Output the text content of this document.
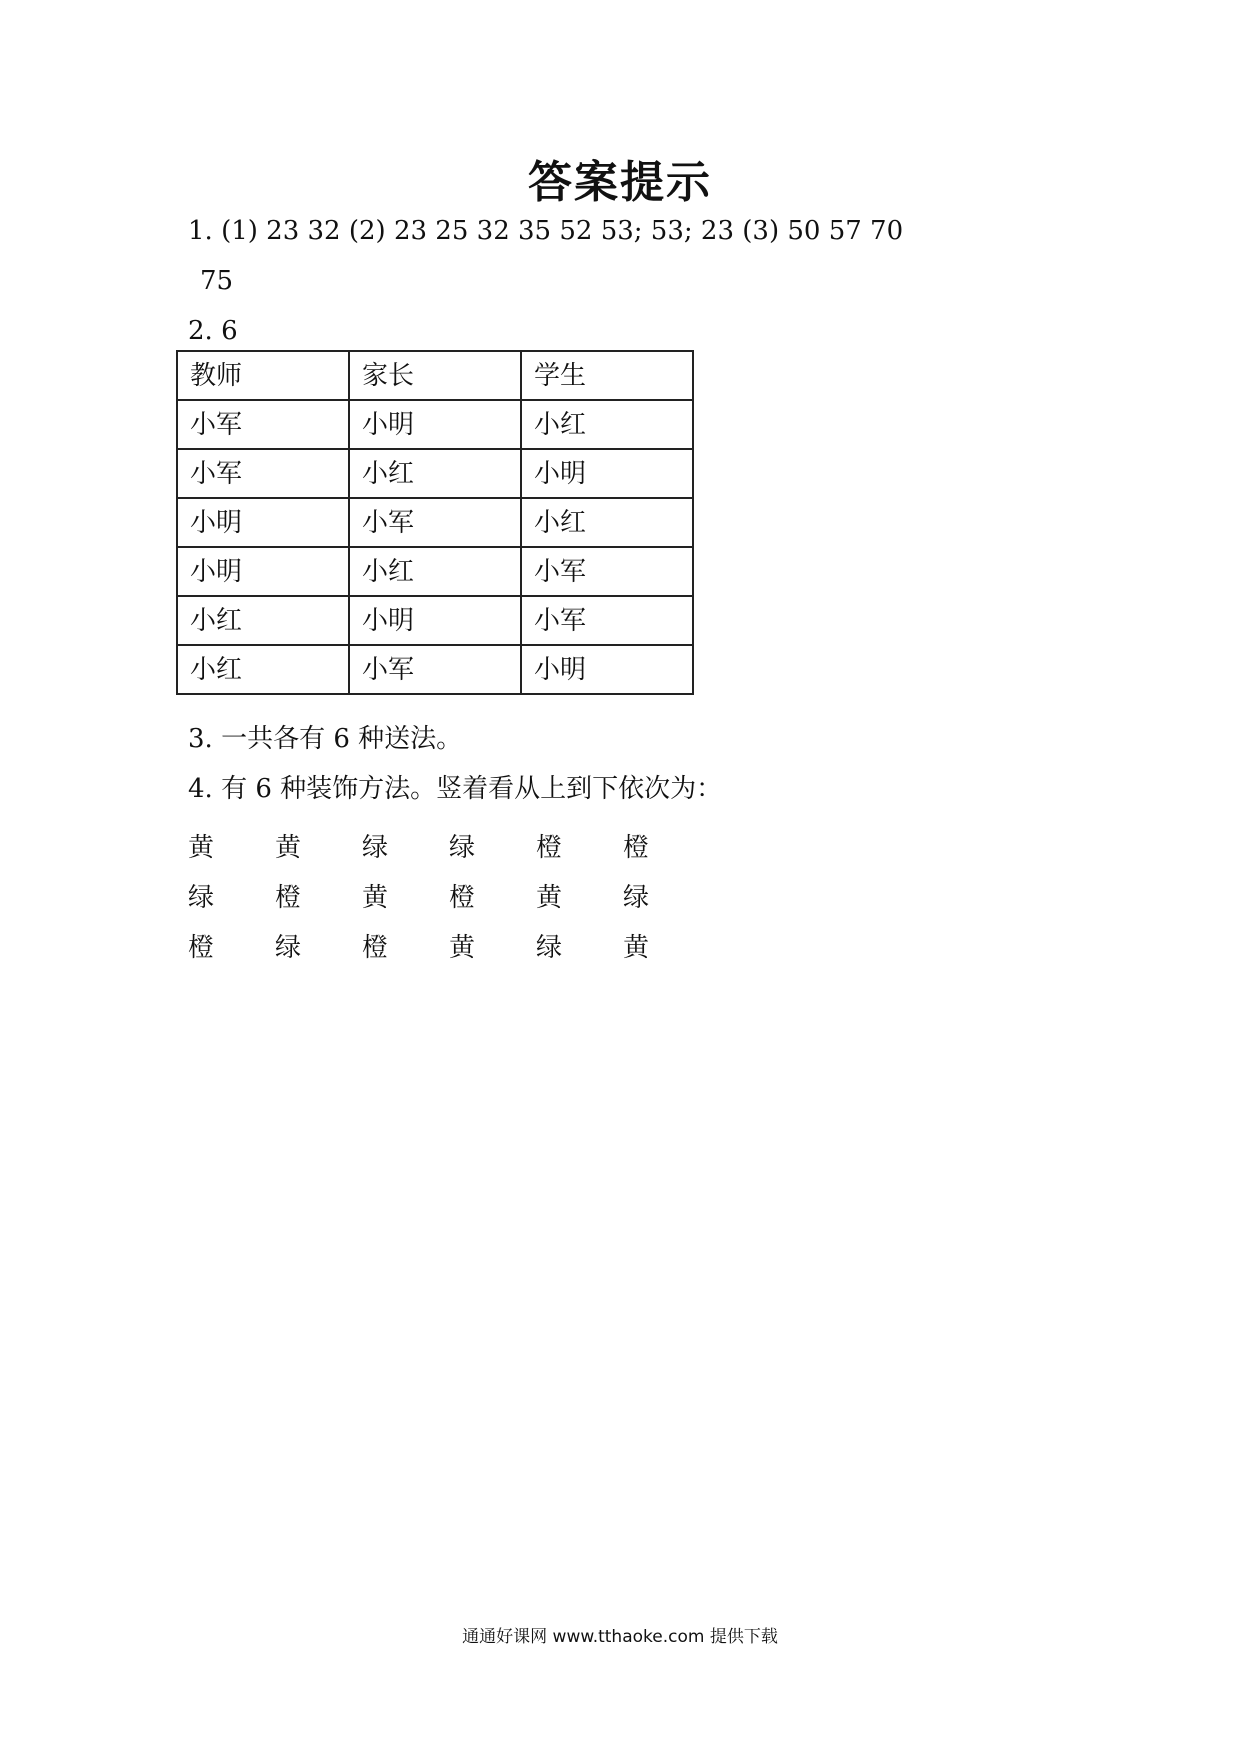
答案提示
1. (1) 23 32 (2) 23 25 32 35 52 53; 53; 23 (3) 50 57 70
75
2. 6
教师	家长	学生
小军	小明	小红
小军	小红	小明
小明	小军	小红
小明	小红	小军
小红	小明	小军
小红	小军	小明
3. 一共各有 6 种送法。
4. 有 6 种装饰方法。竖着看从上到下依次为：
黄	黄	绿	绿	橙	橙
绿	橙	黄	橙	黄	绿
橙	绿	橙	黄	绿	黄
通通好课网 www.tthaoke.com 提供下载
